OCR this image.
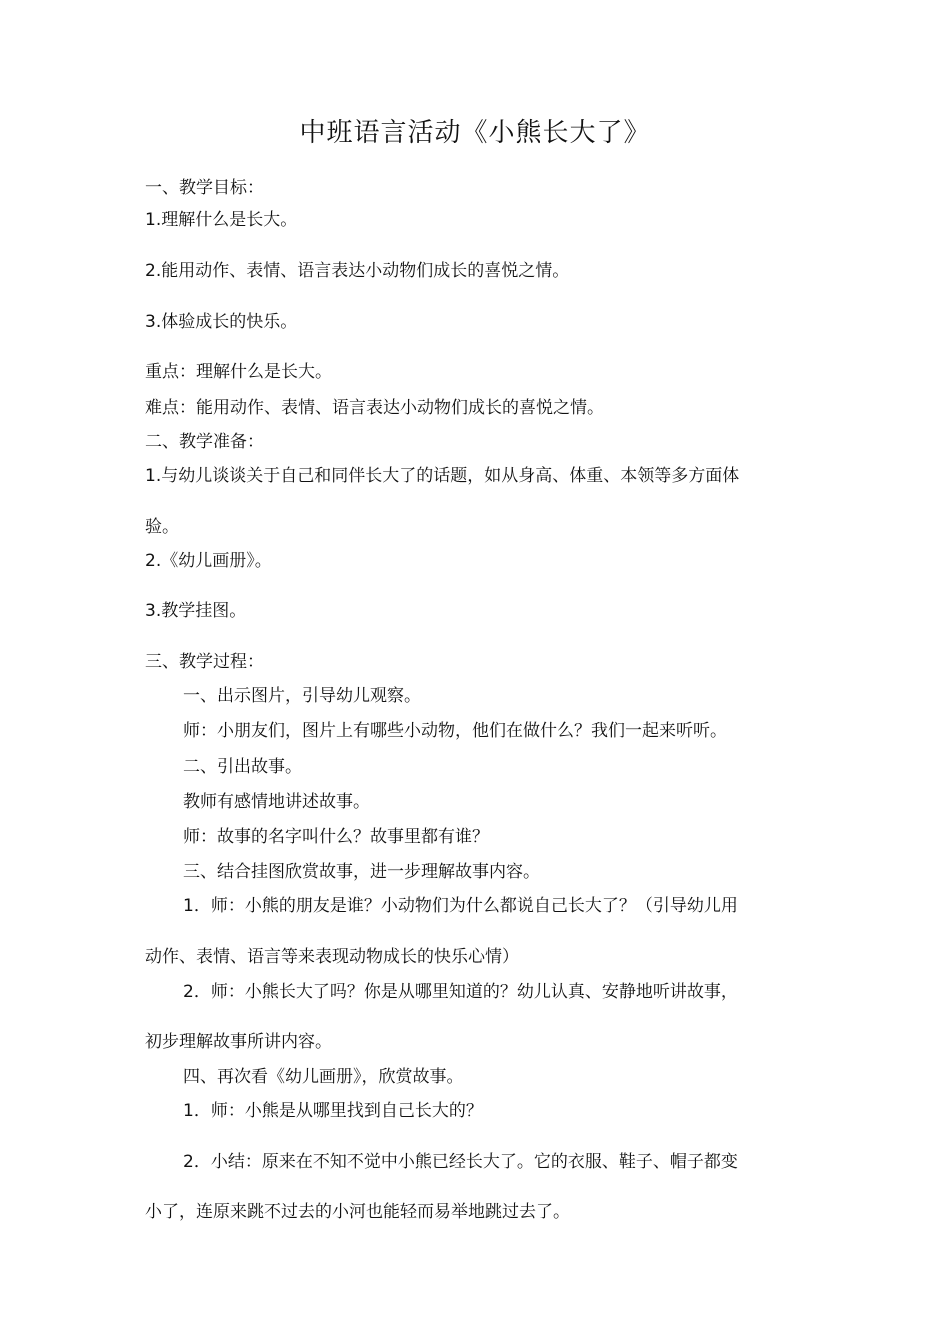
中班语言活动《小熊长大了》
一、教学目标：
1.理解什么是长大。
2.能用动作、表情、语言表达小动物们成长的喜悦之情。
3.体验成长的快乐。
重点：理解什么是长大。
难点：能用动作、表情、语言表达小动物们成长的喜悦之情。
二、教学准备：
1.与幼儿谈谈关于自己和同伴长大了的话题，如从身高、体重、本领等多方面体
验。
2.《幼儿画册》。
3.教学挂图。
三、教学过程：
一、出示图片，引导幼儿观察。
师：小朋友们，图片上有哪些小动物，他们在做什么？我们一起来听听。
二、引出故事。
教师有感情地讲述故事。
师：故事的名字叫什么？故事里都有谁？
三、结合挂图欣赏故事，进一步理解故事内容。
1．师：小熊的朋友是谁？小动物们为什么都说自己长大了？（引导幼儿用
动作、表情、语言等来表现动物成长的快乐心情）
2．师：小熊长大了吗？你是从哪里知道的？幼儿认真、安静地听讲故事，
初步理解故事所讲内容。
四、再次看《幼儿画册》，欣赏故事。
1．师：小熊是从哪里找到自己长大的？
2．小结：原来在不知不觉中小熊已经长大了。它的衣服、鞋子、帽子都变
小了，连原来跳不过去的小河也能轻而易举地跳过去了。
